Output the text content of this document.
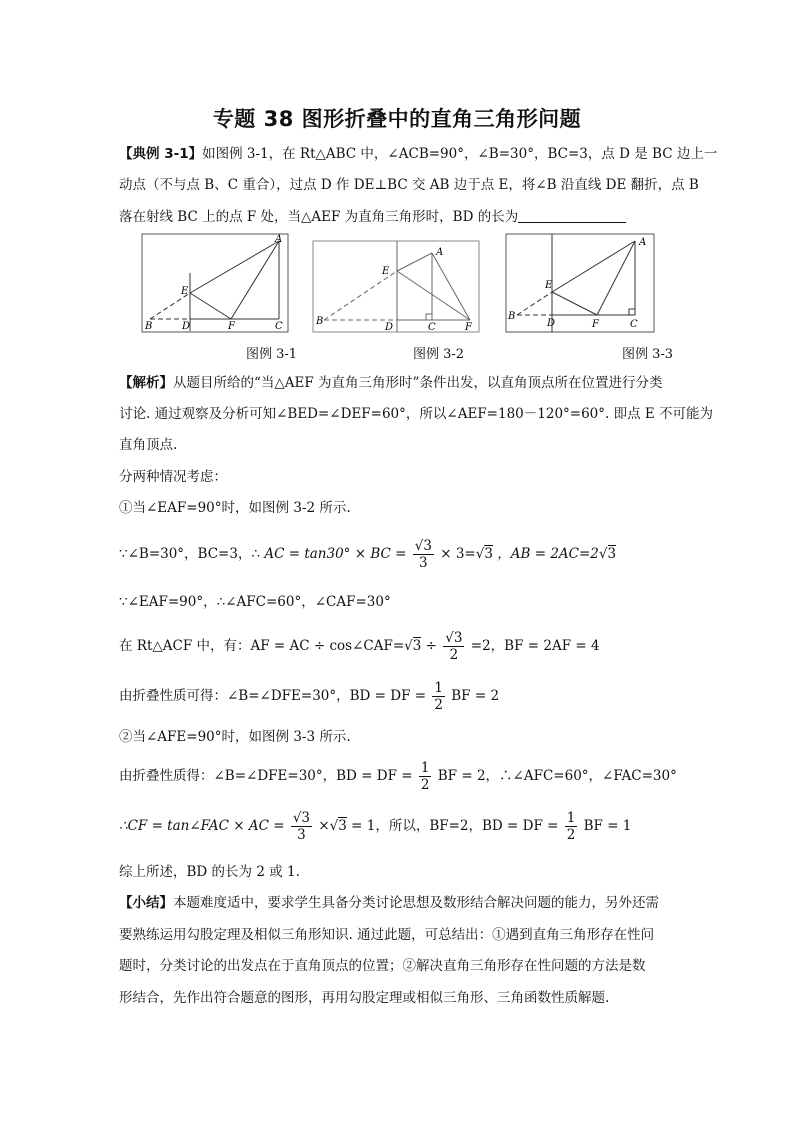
专题 38 图形折叠中的直角三角形问题
【典例 3-1】如图例 3-1，在 Rt△ABC 中，∠ACB=90°，∠B=30°，BC=3，点 D 是 BC 边上一
动点（不与点 B、C 重合），过点 D 作 DE⊥BC 交 AB 边于点 E，将∠B 沿直线 DE 翻折，点 B
落在射线 BC 上的点 F 处，当△AEF 为直角三角形时，BD 的长为
B	D
E
F	C
A
B
D
E
C	F
A
B
D
E
F	C
A
图例 3-1	图例 3-2	图例 3-3
【解析】从题目所给的“当△AEF 为直角三角形时”条件出发，以直角顶点所在位置进行分类
讨论. 通过观察及分析可知∠BED=∠DEF=60°，所以∠AEF=180－120°=60°. 即点 E 不可能为
直角顶点.
分两种情况考虑：
①当∠EAF=90°时，如图例 3-2 所示.
∵∠B=30°，BC=3，∴ AC = tan30° × BC = $\frac{√3}{3} \times 3=√3$ ，AB = 2AC=2√3
∵∠EAF=90°，∴∠AFC=60°，∠CAF=30°
在 Rt△ACF 中，有：AF = AC ÷ cos∠CAF=√3 ÷ $\frac{√3}{2} =2$，BF = 2AF = 4
由折叠性质可得：∠B=∠DFE=30°，BD = DF = $\frac{1}{2}$ BF = 2
②当∠AFE=90°时，如图例 3-3 所示.
由折叠性质得：∠B=∠DFE=30°，BD = DF = $\frac{1}{2}$ BF = 2，∴∠AFC=60°，∠FAC=30°
∴CF = tan∠FAC × AC = $\frac{√3}{3} \times√3 = 1$，所以，BF=2，BD = DF = $\frac{1}{2}$ BF = 1
综上所述，BD 的长为 2 或 1.
【小结】本题难度适中，要求学生具备分类讨论思想及数形结合解决问题的能力，另外还需
要熟练运用勾股定理及相似三角形知识. 通过此题，可总结出：①遇到直角三角形存在性问
题时，分类讨论的出发点在于直角顶点的位置；②解决直角三角形存在性问题的方法是数
形结合，先作出符合题意的图形，再用勾股定理或相似三角形、三角函数性质解题.
